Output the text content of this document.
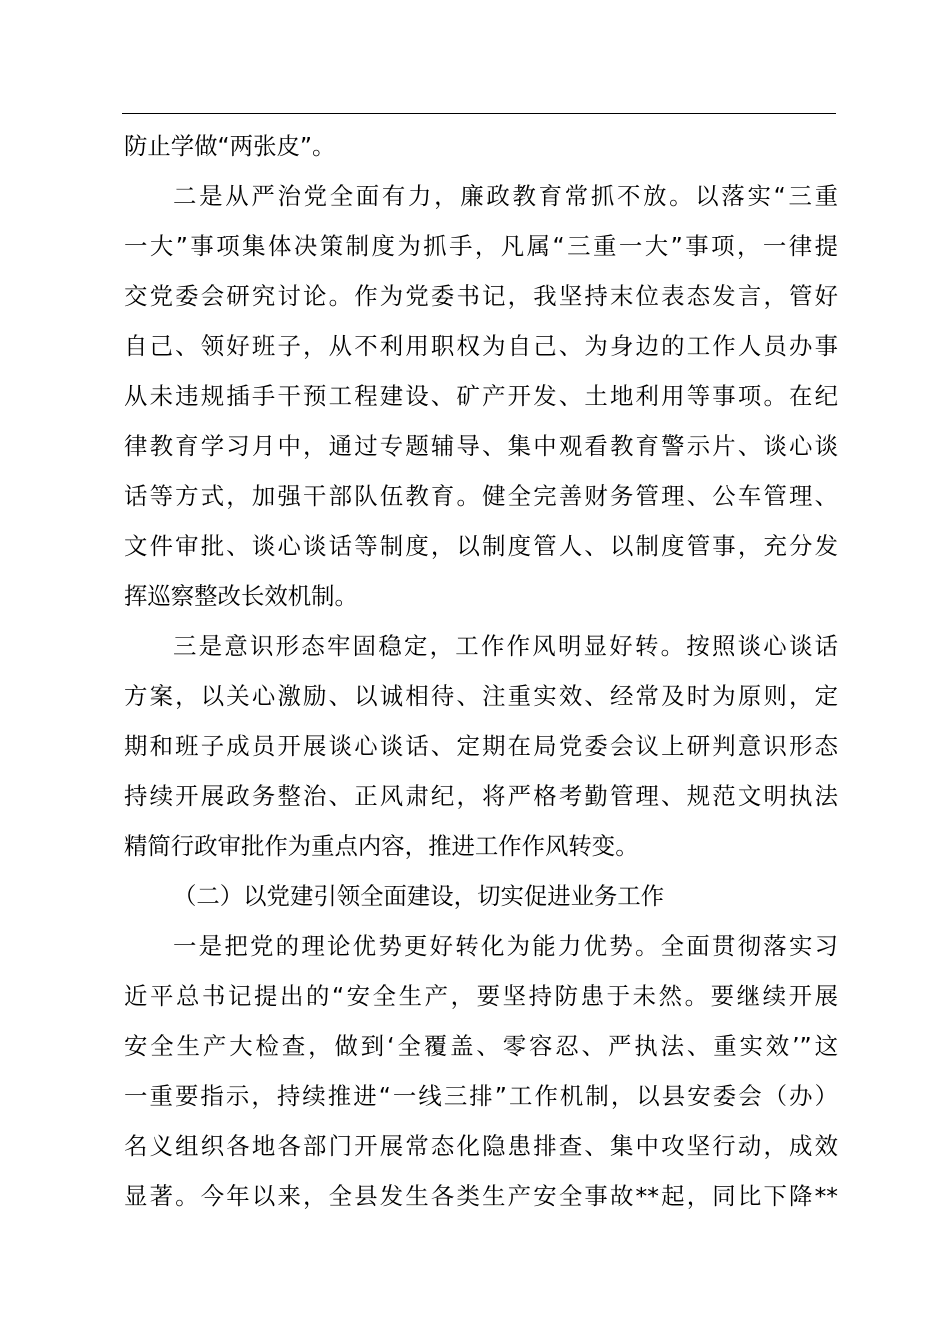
防止学做“两张皮”。
二是从严治党全面有力，廉政教育常抓不放。以落实“三重
一大”事项集体决策制度为抓手，凡属“三重一大”事项，一律提
交党委会研究讨论。作为党委书记，我坚持末位表态发言，管好
自己、领好班子，从不利用职权为自己、为身边的工作人员办事
从未违规插手干预工程建设、矿产开发、土地利用等事项。在纪
律教育学习月中，通过专题辅导、集中观看教育警示片、谈心谈
话等方式，加强干部队伍教育。健全完善财务管理、公车管理、
文件审批、谈心谈话等制度，以制度管人、以制度管事，充分发
挥巡察整改长效机制。
三是意识形态牢固稳定，工作作风明显好转。按照谈心谈话
方案，以关心激励、以诚相待、注重实效、经常及时为原则，定
期和班子成员开展谈心谈话、定期在局党委会议上研判意识形态
持续开展政务整治、正风肃纪，将严格考勤管理、规范文明执法
精简行政审批作为重点内容，推进工作作风转变。
（二）以党建引领全面建设，切实促进业务工作
一是把党的理论优势更好转化为能力优势。全面贯彻落实习
近平总书记提出的“安全生产，要坚持防患于未然。要继续开展
安全生产大检查，做到‘全覆盖、零容忍、严执法、重实效’”这
一重要指示，持续推进“一线三排”工作机制，以县安委会（办）
名义组织各地各部门开展常态化隐患排查、集中攻坚行动，成效
显著。今年以来，全县发生各类生产安全事故**起，同比下降**
